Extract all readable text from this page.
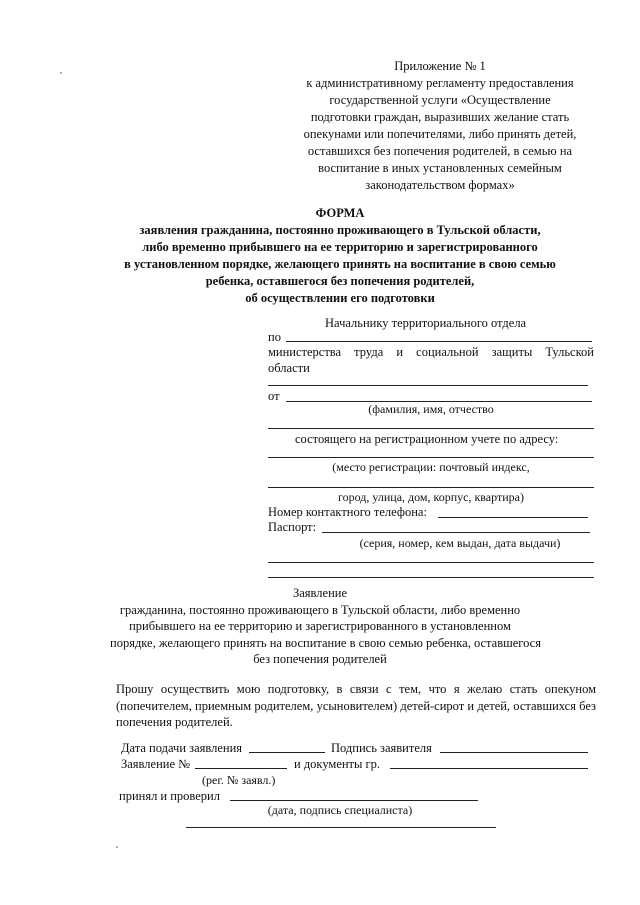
Приложение № 1
к административному регламенту предоставления
государственной услуги «Осуществление
подготовки граждан, выразивших желание стать
опекунами или попечителями, либо принять детей,
оставшихся без попечения родителей, в семью на
воспитание в иных установленных семейным
законодательством формах»
ФОРМА
заявления гражданина, постоянно проживающего в Тульской области,
либо временно прибывшего на ее территорию и зарегистрированного
в установленном порядке, желающего принять на воспитание в свою семью
ребенка, оставшегося без попечения родителей,
об осуществлении его подготовки
Начальнику территориального отдела
по
министерства труда и социальной защиты Тульской
области
от
(фамилия, имя, отчество
состоящего на регистрационном учете по адресу:
(место регистрации: почтовый индекс,
город, улица, дом, корпус, квартира)
Номер контактного телефона:
Паспорт:
(серия, номер, кем выдан, дата выдачи)
Заявление
гражданина, постоянно проживающего в Тульской области, либо временно
прибывшего на ее территорию и зарегистрированного в установленном
порядке, желающего принять на воспитание в свою семью ребенка, оставшегося
без попечения родителей
Прошу осуществить мою подготовку, в связи с тем, что я желаю стать опекуном (попечителем, приемным родителем, усыновителем) детей-сирот и детей, оставшихся без попечения родителей.
Дата подачи заявления	Подпись заявителя
Заявление №	и документы гр.
(рег. № заявл.)
принял и проверил
(дата, подпись специалиста)
